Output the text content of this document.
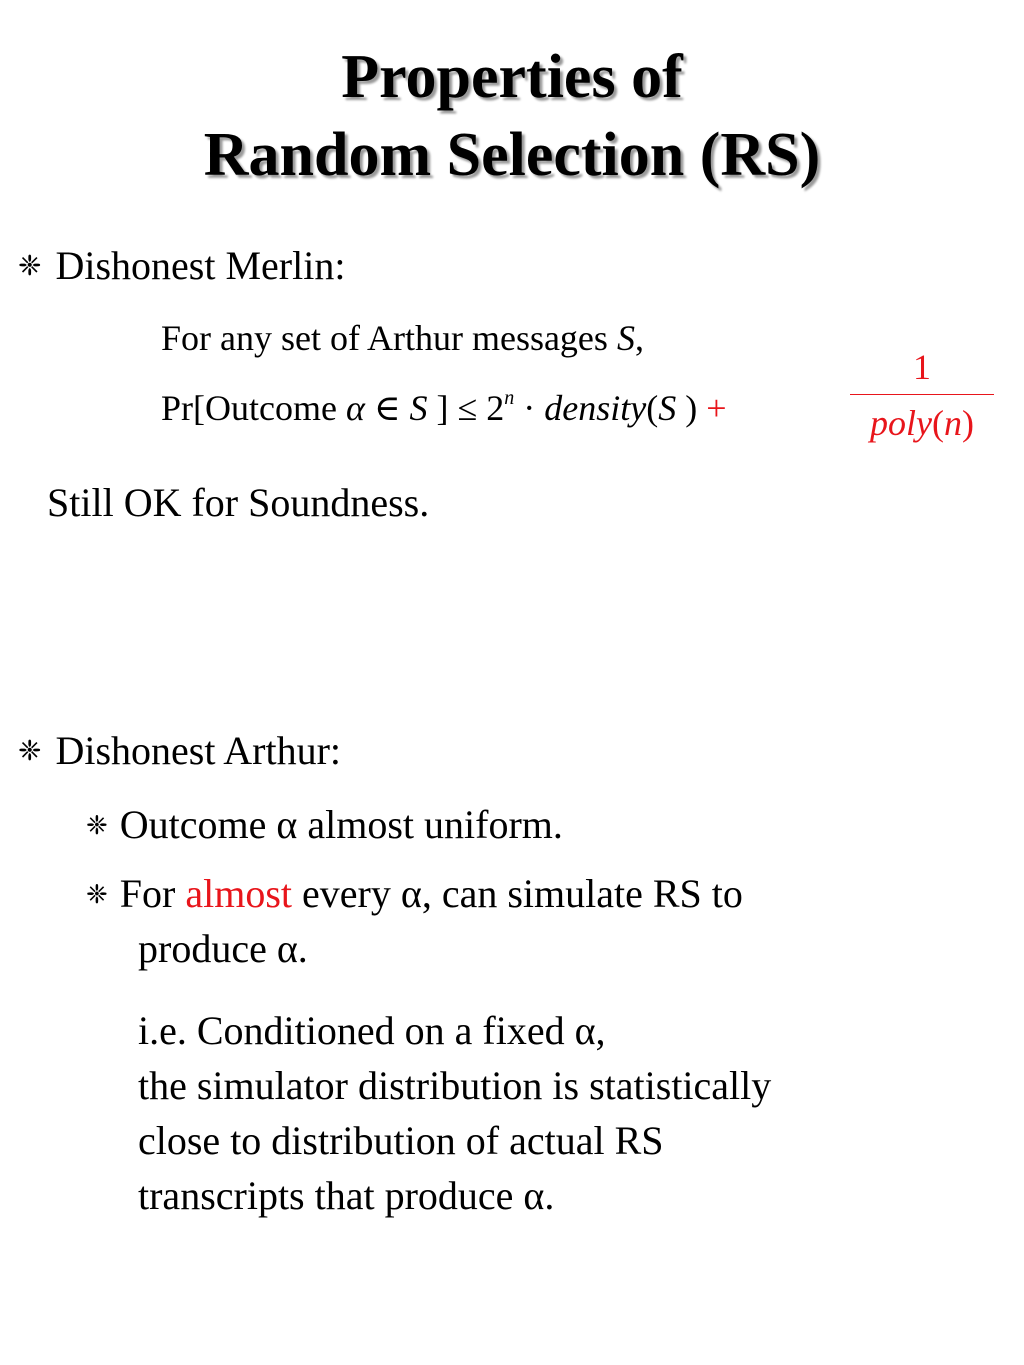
Properties of
Random Selection (RS)
❈ Dishonest Merlin:
For any set of Arthur messages S,
Pr[Outcome α ∈ S ] ≤ $2^n$ · density(S ) +
1
poly(n)
Still OK for Soundness.
❈ Dishonest Arthur:
❈ Outcome α almost uniform.
❈ For almost every α, can simulate RS to
produce α.
i.e. Conditioned on a fixed α,
the simulator distribution is statistically
close to distribution of actual RS
transcripts that produce α.
